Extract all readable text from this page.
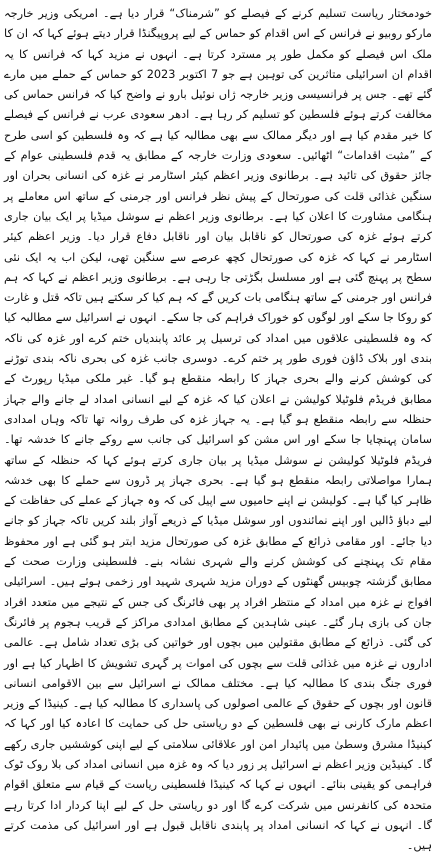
خودمختار ریاست تسلیم کرنے کے فیصلے کو ”شرمناک“ قرار دیا ہے۔ امریکی وزیر خارجہ مارکو روبیو نے فرانس کے اس اقدام کو حماس کے لیے پروپیگنڈا قرار دیتے ہوئے کہا کہ ان کا ملک اس فیصلے کو مکمل طور پر مسترد کرتا ہے۔ انہوں نے مزید کہا کہ فرانس کا یہ اقدام ان اسرائیلی متاثرین کی توہین ہے جو 7 اکتوبر 2023 کو حماس کے حملے میں مارے گئے تھے۔ جس پر فرانسیسی وزیر خارجہ ژاں نوئیل بارو نے واضح کیا کہ فرانس حماس کی مخالفت کرتے ہوئے فلسطین کو تسلیم کر رہا ہے۔ ادھر سعودی عرب نے فرانس کے فیصلے کا خیر مقدم کیا ہے اور دیگر ممالک سے بھی مطالبہ کیا ہے کہ وہ فلسطین کو اسی طرح کے ”مثبت اقدامات“ اٹھائیں۔ سعودی وزارت خارجہ کے مطابق یہ قدم فلسطینی عوام کے جائز حقوق کی تائید ہے۔ برطانوی وزیر اعظم کیئر اسٹارمر نے غزہ کی انسانی بحران اور سنگین غذائی قلت کی صورتحال کے پیش نظر فرانس اور جرمنی کے ساتھ اس معاملے پر ہنگامی مشاورت کا اعلان کیا ہے۔ برطانوی وزیر اعظم نے سوشل میڈیا پر ایک بیان جاری کرتے ہوئے غزہ کی صورتحال کو ناقابل بیان اور ناقابل دفاع قرار دیا۔ وزیر اعظم کیئر اسٹارمر نے کہا کہ غزہ کی صورتحال کچھ عرصے سے سنگین تھی، لیکن اب یہ ایک نئی سطح پر پہنچ گئی ہے اور مسلسل بگڑتی جا رہی ہے۔ برطانوی وزیر اعظم نے کہا کہ ہم فرانس اور جرمنی کے ساتھ ہنگامی بات کریں گے کہ ہم کیا کر سکتے ہیں تاکہ قتل و غارت کو روکا جا سکے اور لوگوں کو خوراک فراہم کی جا سکے۔ انہوں نے اسرائیل سے مطالبہ کیا کہ وہ فلسطینی علاقوں میں امداد کی ترسیل پر عائد پابندیاں ختم کرے اور غزہ کی ناکہ بندی اور بلاک ڈاؤن فوری طور پر ختم کرے۔ دوسری جانب غزہ کی بحری ناکہ بندی توڑنے کی کوشش کرنے والے بحری جہاز کا رابطہ منقطع ہو گیا۔ غیر ملکی میڈیا رپورٹ کے مطابق فریڈم فلوٹیلا کولیشن نے اعلان کیا کہ غزہ کے لیے انسانی امداد لے جانے والے جہاز حنظلہ سے رابطہ منقطع ہو گیا ہے۔ یہ جہاز غزہ کی طرف روانہ تھا تاکہ وہاں امدادی سامان پہنچایا جا سکے اور اس مشن کو اسرائیل کی جانب سے روکے جانے کا خدشہ تھا۔ فریڈم فلوٹیلا کولیشن نے سوشل میڈیا پر بیان جاری کرتے ہوئے کہا کہ حنظلہ کے ساتھ ہمارا مواصلاتی رابطہ منقطع ہو گیا ہے۔ بحری جہاز پر ڈرون سے حملے کا بھی خدشہ ظاہر کیا گیا ہے۔ کولیشن نے اپنے حامیوں سے اپیل کی کہ وہ جہاز کے عملے کی حفاظت کے لیے دباؤ ڈالیں اور اپنے نمائندوں اور سوشل میڈیا کے ذریعے آواز بلند کریں تاکہ جہاز کو جانے دیا جائے۔ اور مقامی ذرائع کے مطابق غزہ کی صورتحال مزید ابتر ہو گئی ہے اور محفوظ مقام تک پہنچنے کی کوشش کرنے والے شہری نشانہ بنے۔ فلسطینی وزارت صحت کے مطابق گزشتہ چوبیس گھنٹوں کے دوران مزید شہری شہید اور زخمی ہوئے ہیں۔ اسرائیلی افواج نے غزہ میں امداد کے منتظر افراد پر بھی فائرنگ کی جس کے نتیجے میں متعدد افراد جان کی بازی ہار گئے۔ عینی شاہدین کے مطابق امدادی مراکز کے قریب ہجوم پر فائرنگ کی گئی۔ ذرائع کے مطابق مقتولین میں بچوں اور خواتین کی بڑی تعداد شامل ہے۔ عالمی اداروں نے غزہ میں غذائی قلت سے بچوں کی اموات پر گہری تشویش کا اظہار کیا ہے اور فوری جنگ بندی کا مطالبہ کیا ہے۔ مختلف ممالک نے اسرائیل سے بین الاقوامی انسانی قانون اور بچوں کے حقوق کے عالمی اصولوں کی پاسداری کا مطالبہ کیا ہے۔ کینیڈا کے وزیر اعظم مارک کارنی نے بھی فلسطین کے دو ریاستی حل کی حمایت کا اعادہ کیا اور کہا کہ کینیڈا مشرق وسطیٰ میں پائیدار امن اور علاقائی سلامتی کے لیے اپنی کوششیں جاری رکھے گا۔ کینیڈین وزیر اعظم نے اسرائیل پر زور دیا کہ وہ غزہ میں انسانی امداد کی بلا روک ٹوک فراہمی کو یقینی بنائے۔ انہوں نے کہا کہ کینیڈا فلسطینی ریاست کے قیام سے متعلق اقوام متحدہ کی کانفرنس میں شرکت کرے گا اور دو ریاستی حل کے لیے اپنا کردار ادا کرتا رہے گا۔ انہوں نے کہا کہ انسانی امداد پر پابندی ناقابل قبول ہے اور اسرائیل کی مذمت کرتے ہیں۔
